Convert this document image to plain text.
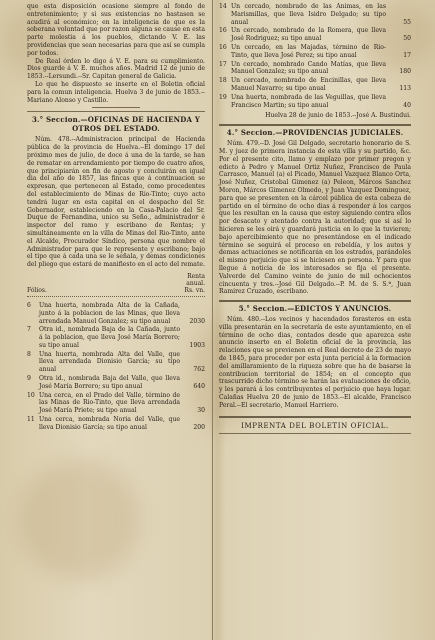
que esta disposición ocasione siempre al fondo de entretenimiento; y si sus existencias no bastasen se acudirá al económico; en la inteligencia de que es la soberana voluntad que por razon alguna se cause en esta parte molestia á los pueblos, dictando V. E. las providencias que sean necesarias para que así se cumpla por todos.

De Real órden lo digo á V. E. para su cumplimiento. Dios guarde á V. E. muchos años. Madrid 12 de junio de 1853.--Lersundi.--Sr. Capitan general de Galicia.

Lo que he dispuesto se inserte en el Boletin oficial para la comun inteligencia. Huelva 3 de junio de 1853.--Mariano Alonso y Castillo.

3.° Seccion.—OFICINAS DE HACIENDA Y
OTROS DEL ESTADO.

Núm. 478.--Administracion principal de Hacienda pública de la provincia de Huelva.--El domingo 17 del próximo mes de julio, de doce á una de la tarde, se han de rematar en arrendamiento por tiempo de cuatro años, que principiarán en fin de agosto y concluirán en igual dia del año de 1857, las fincas que á continuacion se expresan, que pertenecen al Estado, como procedentes del establecimiento de Minas de Rio-Tinto; cuyo acto tendrá lugar en esta capital en el despacho del Sr. Gobernador, estableciendo en la Casa-Palacio del Sr. Duque de Fernandina, unico su Seño., administrador é inspector del ramo y escribano de Rentas; y simultáneamente en la villa de Minas del Rio-Tinto, ante el Alcalde, Procurador Síndico, persona que nombre el Administrador para que le represente y escribano; bajo el tipo que á cada una se le señala, y demas condiciones del pliego que estará de manifiesto en el acto del remate.

Fólios.
Renta
anual.
Rs. vn.
6	Una huerta, nombrada Alta de la Cañada, junto á la poblacion de las Minas, que lleva arrendada Manuel Gonzalez; su tipo anual	2030
7	Otra id., nombrada Baja de la Cañada, junto á la poblacion, que lleva José María Borrero; su tipo anual	1903
8	Una huerta, nombrada Alta del Valle, que lleva arrendada Dionisio García; su tipo anual	762
9	Otra id., nombrada Baja del Valle, que lleva José María Borrero; su tipo anual	640
10 Una cerca, en el Prado del Valle, término de las Minas de Rio-Tinto, que lleva arrendada José María Priete; su tipo anual	30
11 Una cerca, nombrada Noria del Valle, que lleva Dionisio García; su tipo anual	200
14 Un cercado, nombrado de las Animas, en las Marismillas, que lleva Isidro Delgado; su tipo anual	55
16 Un cercado, nombrado de la Romera, que lleva José Rodriguez; su tipo anual	50
16 Un cercado, en las Majadas, término de Rio-Tinto, que lleva José Perez; su tipo anual	17
17 Un cercado, nombrado Cando Matías, que lleva Manuel Gonzalez; su tipo anual	180
18 Un cercado, nombrado de Encinillas, que lleva Manuel Navarro; su tipo anual	113
19 Una huerta, nombrada de las Veguillas, que lleva Francisco Martin; su tipo anual	40
Huelva 28 de junio de 1853.--José A. Bustindui.
4.° Seccion.—PROVIDENCIAS JUDICIALES.

Núm. 479.--D. José Gil Delgado, secretario honorario de S. M. y juez de primera instancia de esta villa y su partido, &c. Por el presente cito, llamo y emplazo por primer pregon y edicto á Pedro y Manuel Ortiz Nuñez, Francisco de Paula Carrasco, Manuel (a) el Picado, Manuel Vazquez Blanco Orta, José Nuñez, Cristobal Gimenez (a) Peleon, Márcos Sanchez Moron, Márcos Gimenez Olmedo, y Juan Vazquez Dominguez, para que se presenten en la cárcel pública de esta cabeza de partido en el término de ocho dias á responder á los cargos que les resultan en la causa que estoy siguiendo contra ellos por desacato y atentado contra la autoridad; que si así lo hicieren se les oirá y guardará justicia en lo que la tuvieren; bajo apercibimiento que no presentándose en el indicado término se seguirá el proceso en rebeldía, y los autos y demas actuaciones se notificarán en los estrados, parándoles el mismo perjuicio que si se hiciesen en persona. Y para que llegue á noticia de los interesados se fija el presente. Valverde del Camino veinte de junio de mil ochocientos cincuenta y tres.--José Gil Delgado.--P. M. de S. S.ª, Juan Ramirez Cruzado, escribano.

5.° Seccion.—EDICTOS Y ANUNCIOS.

Núm. 480.--Los vecinos y hacendados forasteros en esta villa presentarán en la secretaría de este ayuntamiento, en el término de ocho dias, contados desde que aparezca este anuncio inserto en el Boletin oficial de la provincia, las relaciones que se previenen en el Real decreto de 23 de mayo de 1845, para proceder por esta junta pericial á la formacion del amillaramiento de la riqueza sobre que ha de basarse la contribucion territorial de 1854; en el concepto que trascurrido dicho término se harán las evaluaciones de oficio, y les parará á los contribuyentes el perjuicio que haya lugar. Calañas Huelva 20 de junio de 1853.--El alcalde, Francisco Peral.--El secretario, Manuel Harriero.

IMPRENTA DEL BOLETIN OFICIAL.
